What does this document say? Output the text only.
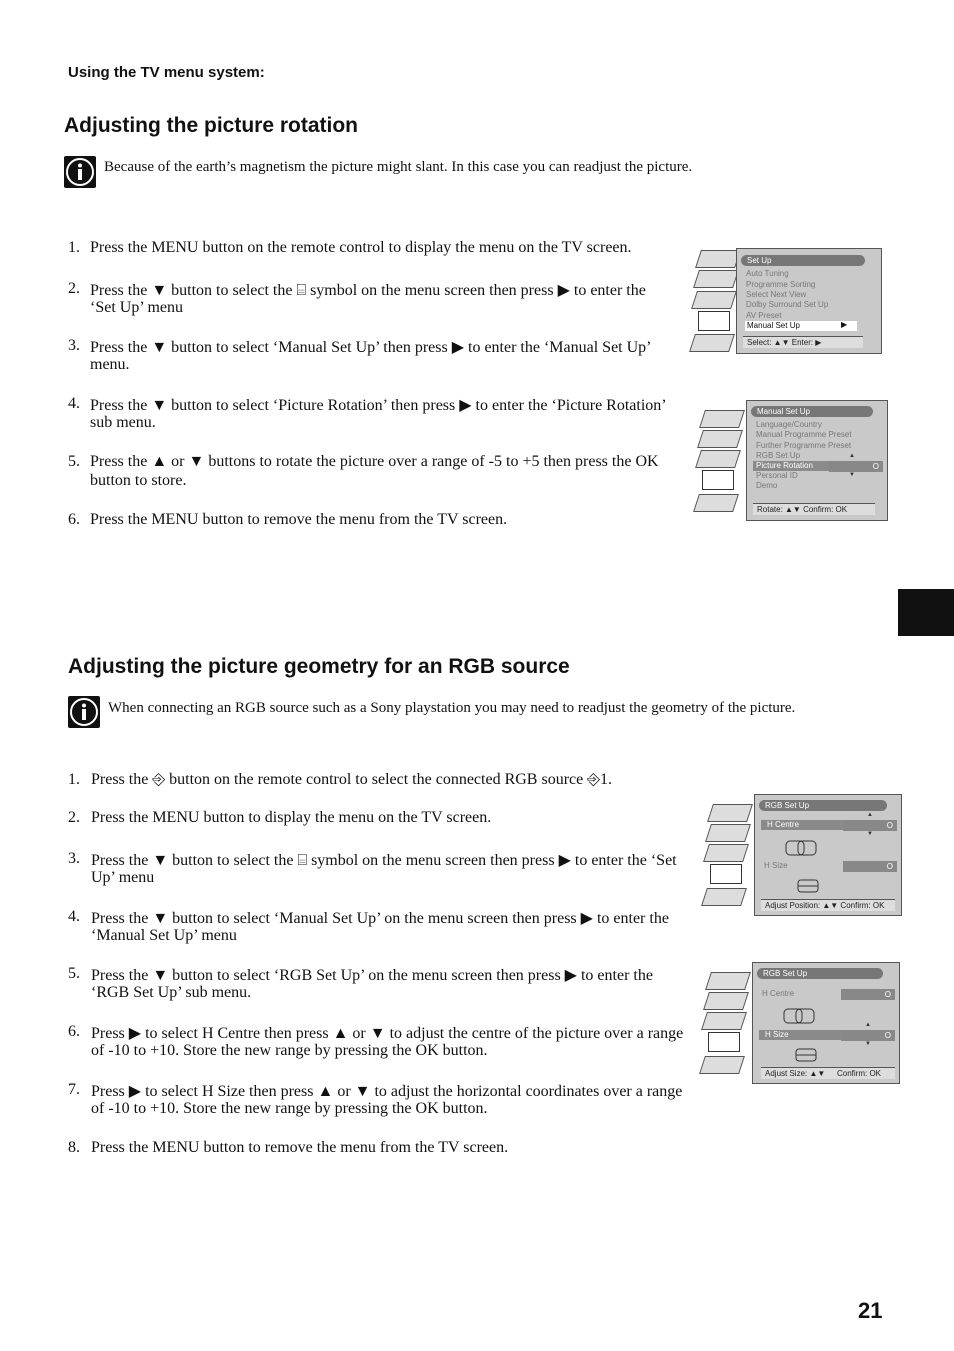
Using the TV menu system:
Adjusting the picture rotation
Because of the earth’s magnetism the picture might slant. In this case you can readjust the picture.
1. Press the MENU button on the remote control to display the menu on the TV screen.
2. Press the ▼ button to select the ⌸ symbol on the menu screen then press ▶ to enter the
‘Set Up’ menu
3. Press the ▼ button to select ‘Manual Set Up’ then press ▶ to enter the ‘Manual Set Up’
menu.
4. Press the ▼ button to select ‘Picture Rotation’ then press ▶ to enter the ‘Picture Rotation’
sub menu.
5. Press the ▲ or ▼ buttons to rotate the picture over a range of -5 to +5 then press the OK
button to store.
6. Press the MENU button to remove the menu from the TV screen.
Set Up
Auto Tuning
Programme Sorting
Select Next View
Dolby Surround Set Up
AV Preset
Manual Set Up	▶
Select: ▲▼ Enter: ▶
Manual Set Up
Language/Country
Manual Programme Preset
Further Programme Preset
RGB Set Up
Picture Rotation	O
▲
▼
Personal ID
Demo
Rotate: ▲▼ Confirm: OK
Adjusting the picture geometry for an RGB source
When connecting an RGB source such as a Sony playstation you may need to readjust the geometry of the picture.
1. Press the ⎆ button on the remote control to select the connected RGB source ⎆1.
2. Press the MENU button to display the menu on the TV screen.
3. Press the ▼ button to select the ⌸ symbol on the menu screen then press ▶ to enter the ‘Set
Up’ menu
4. Press the ▼ button to select ‘Manual Set Up’ on the menu screen then press ▶ to enter the
‘Manual Set Up’ menu
5. Press the ▼ button to select ‘RGB Set Up’ on the menu screen then press ▶ to enter the
‘RGB Set Up’ sub menu.
6. Press ▶ to select H Centre then press ▲ or ▼ to adjust the centre of the picture over a range
of -10 to +10. Store the new range by pressing the OK button.
7. Press ▶ to select H Size then press ▲ or ▼ to adjust the horizontal coordinates over a range
of -10 to +10. Store the new range by pressing the OK button.
8. Press the MENU button to remove the menu from the TV screen.
RGB Set Up
H Centre	O
▲
▼
H Size	O
Adjust Position: ▲▼ Confirm: OK
RGB Set Up
H Centre	O
H Size	O
▲
▼
Adjust Size: ▲▼ Confirm: OK
21
